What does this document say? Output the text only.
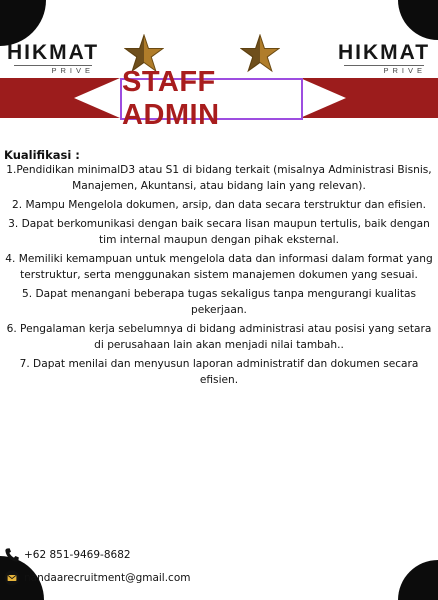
HIKMAT
PRIVE
HIKMAT
PRIVE
STAFF ADMIN
Kualifikasi :

1.Pendidikan minimalD3 atau S1 di bidang terkait (misalnya Administrasi Bisnis, Manajemen, Akuntansi, atau bidang lain yang relevan).

2. Mampu Mengelola dokumen, arsip, dan data secara terstruktur dan efisien.

3. Dapat berkomunikasi dengan baik secara lisan maupun tertulis, baik dengan tim internal maupun dengan pihak eksternal.

4. Memiliki kemampuan untuk mengelola data dan informasi dalam format yang terstruktur, serta menggunakan sistem manajemen dokumen yang sesuai.

5. Dapat menangani beberapa tugas sekaligus tanpa mengurangi kualitas pekerjaan.

6. Pengalaman kerja sebelumnya di bidang administrasi atau posisi yang setara di perusahaan lain akan menjadi nilai tambah..

7. Dapat menilai dan menyusun laporan administratif dan dokumen secara efisien.

+62 851-9469-8682
nandaarecruitment@gmail.com
